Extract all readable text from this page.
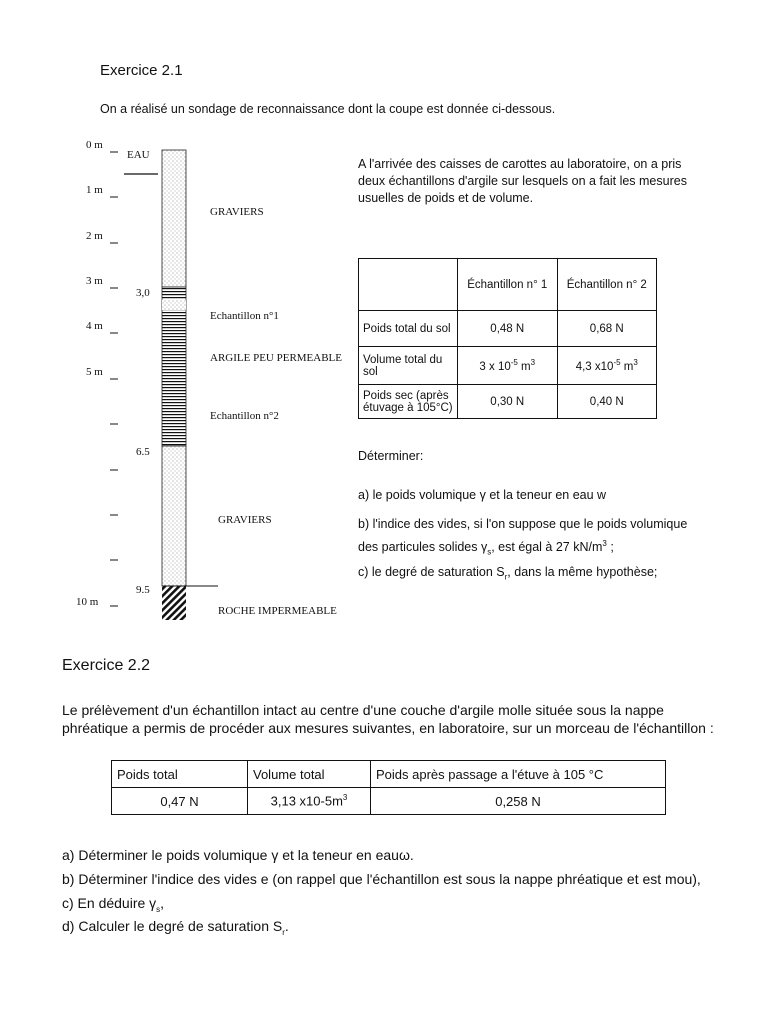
Exercice 2.1
On a réalisé un sondage de reconnaissance dont la coupe est donnée ci-dessous.
0 m
1 m
2 m
3 m
4 m
5 m
10 m
EAU
3,0
6.5
9.5
GRAVIERS
Echantillon n°1
ARGILE PEU PERMEABLE
Echantillon n°2
GRAVIERS
ROCHE IMPERMEABLE
A l'arrivée des caisses de carottes au laboratoire, on a pris
deux échantillons d'argile sur lesquels on a fait les mesures
usuelles de poids et de volume.
	Échantillon n° 1	Échantillon n° 2
Poids total du sol	0,48 N	0,68 N

Volume total du
sol	3 x $10^{-5}$ $m^3$	4,3 $x10^{-5}$ $m^3$

Poids sec (après
étuvage à 105°C)	0,30 N	0,40 N
Déterminer:
a) le poids volumique γ et la teneur en eau w
b) l'indice des vides, si l'on suppose que le poids volumique
des particules solides $\gamma_s$, est égal à 27 $kN/m^3$ ;
c) le degré de saturation $S_r$, dans la même hypothèse;
Exercice 2.2
Le prélèvement d'un échantillon intact au centre d'une couche d'argile molle située sous la nappe
phréatique a permis de procéder aux mesures suivantes, en laboratoire, sur un morceau de l'échantillon :
Poids total	Volume total	Poids après passage a l'étuve à 105 °C
0,47 N	3,13 $x10-5m^3$	0,258 N
a) Déterminer le poids volumique γ et la teneur en eauω.
b) Déterminer l'indice des vides e (on rappel que l'échantillon est sous la nappe phréatique et est mou),
c) En déduire $\gamma_s$,
d) Calculer le degré de saturation $S_r$.
